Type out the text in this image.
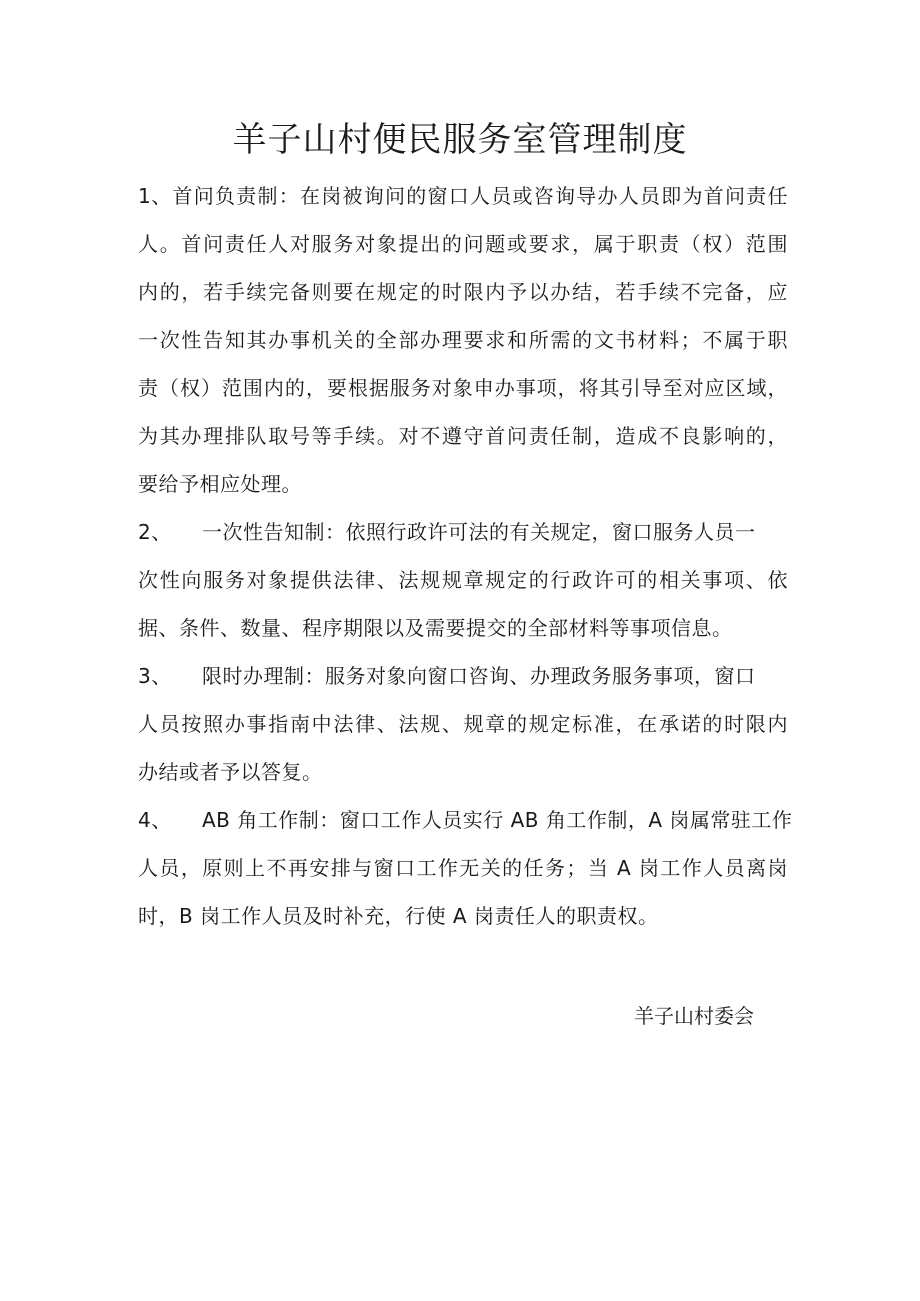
羊子山村便民服务室管理制度
1、首问负责制：在岗被询问的窗口人员或咨询导办人员即为首问责任
人。首问责任人对服务对象提出的问题或要求，属于职责（权）范围
内的，若手续完备则要在规定的时限内予以办结，若手续不完备，应
一次性告知其办事机关的全部办理要求和所需的文书材料；不属于职
责（权）范围内的，要根据服务对象申办事项，将其引导至对应区域，
为其办理排队取号等手续。对不遵守首问责任制，造成不良影响的，
要给予相应处理。
2、 一次性告知制：依照行政许可法的有关规定，窗口服务人员一
次性向服务对象提供法律、法规规章规定的行政许可的相关事项、依
据、条件、数量、程序期限以及需要提交的全部材料等事项信息。
3、 限时办理制：服务对象向窗口咨询、办理政务服务事项，窗口
人员按照办事指南中法律、法规、规章的规定标准，在承诺的时限内
办结或者予以答复。
4、 AB 角工作制：窗口工作人员实行 AB 角工作制，A 岗属常驻工作
人员，原则上不再安排与窗口工作无关的任务；当 A 岗工作人员离岗
时，B 岗工作人员及时补充，行使 A 岗责任人的职责权。
羊子山村委会
